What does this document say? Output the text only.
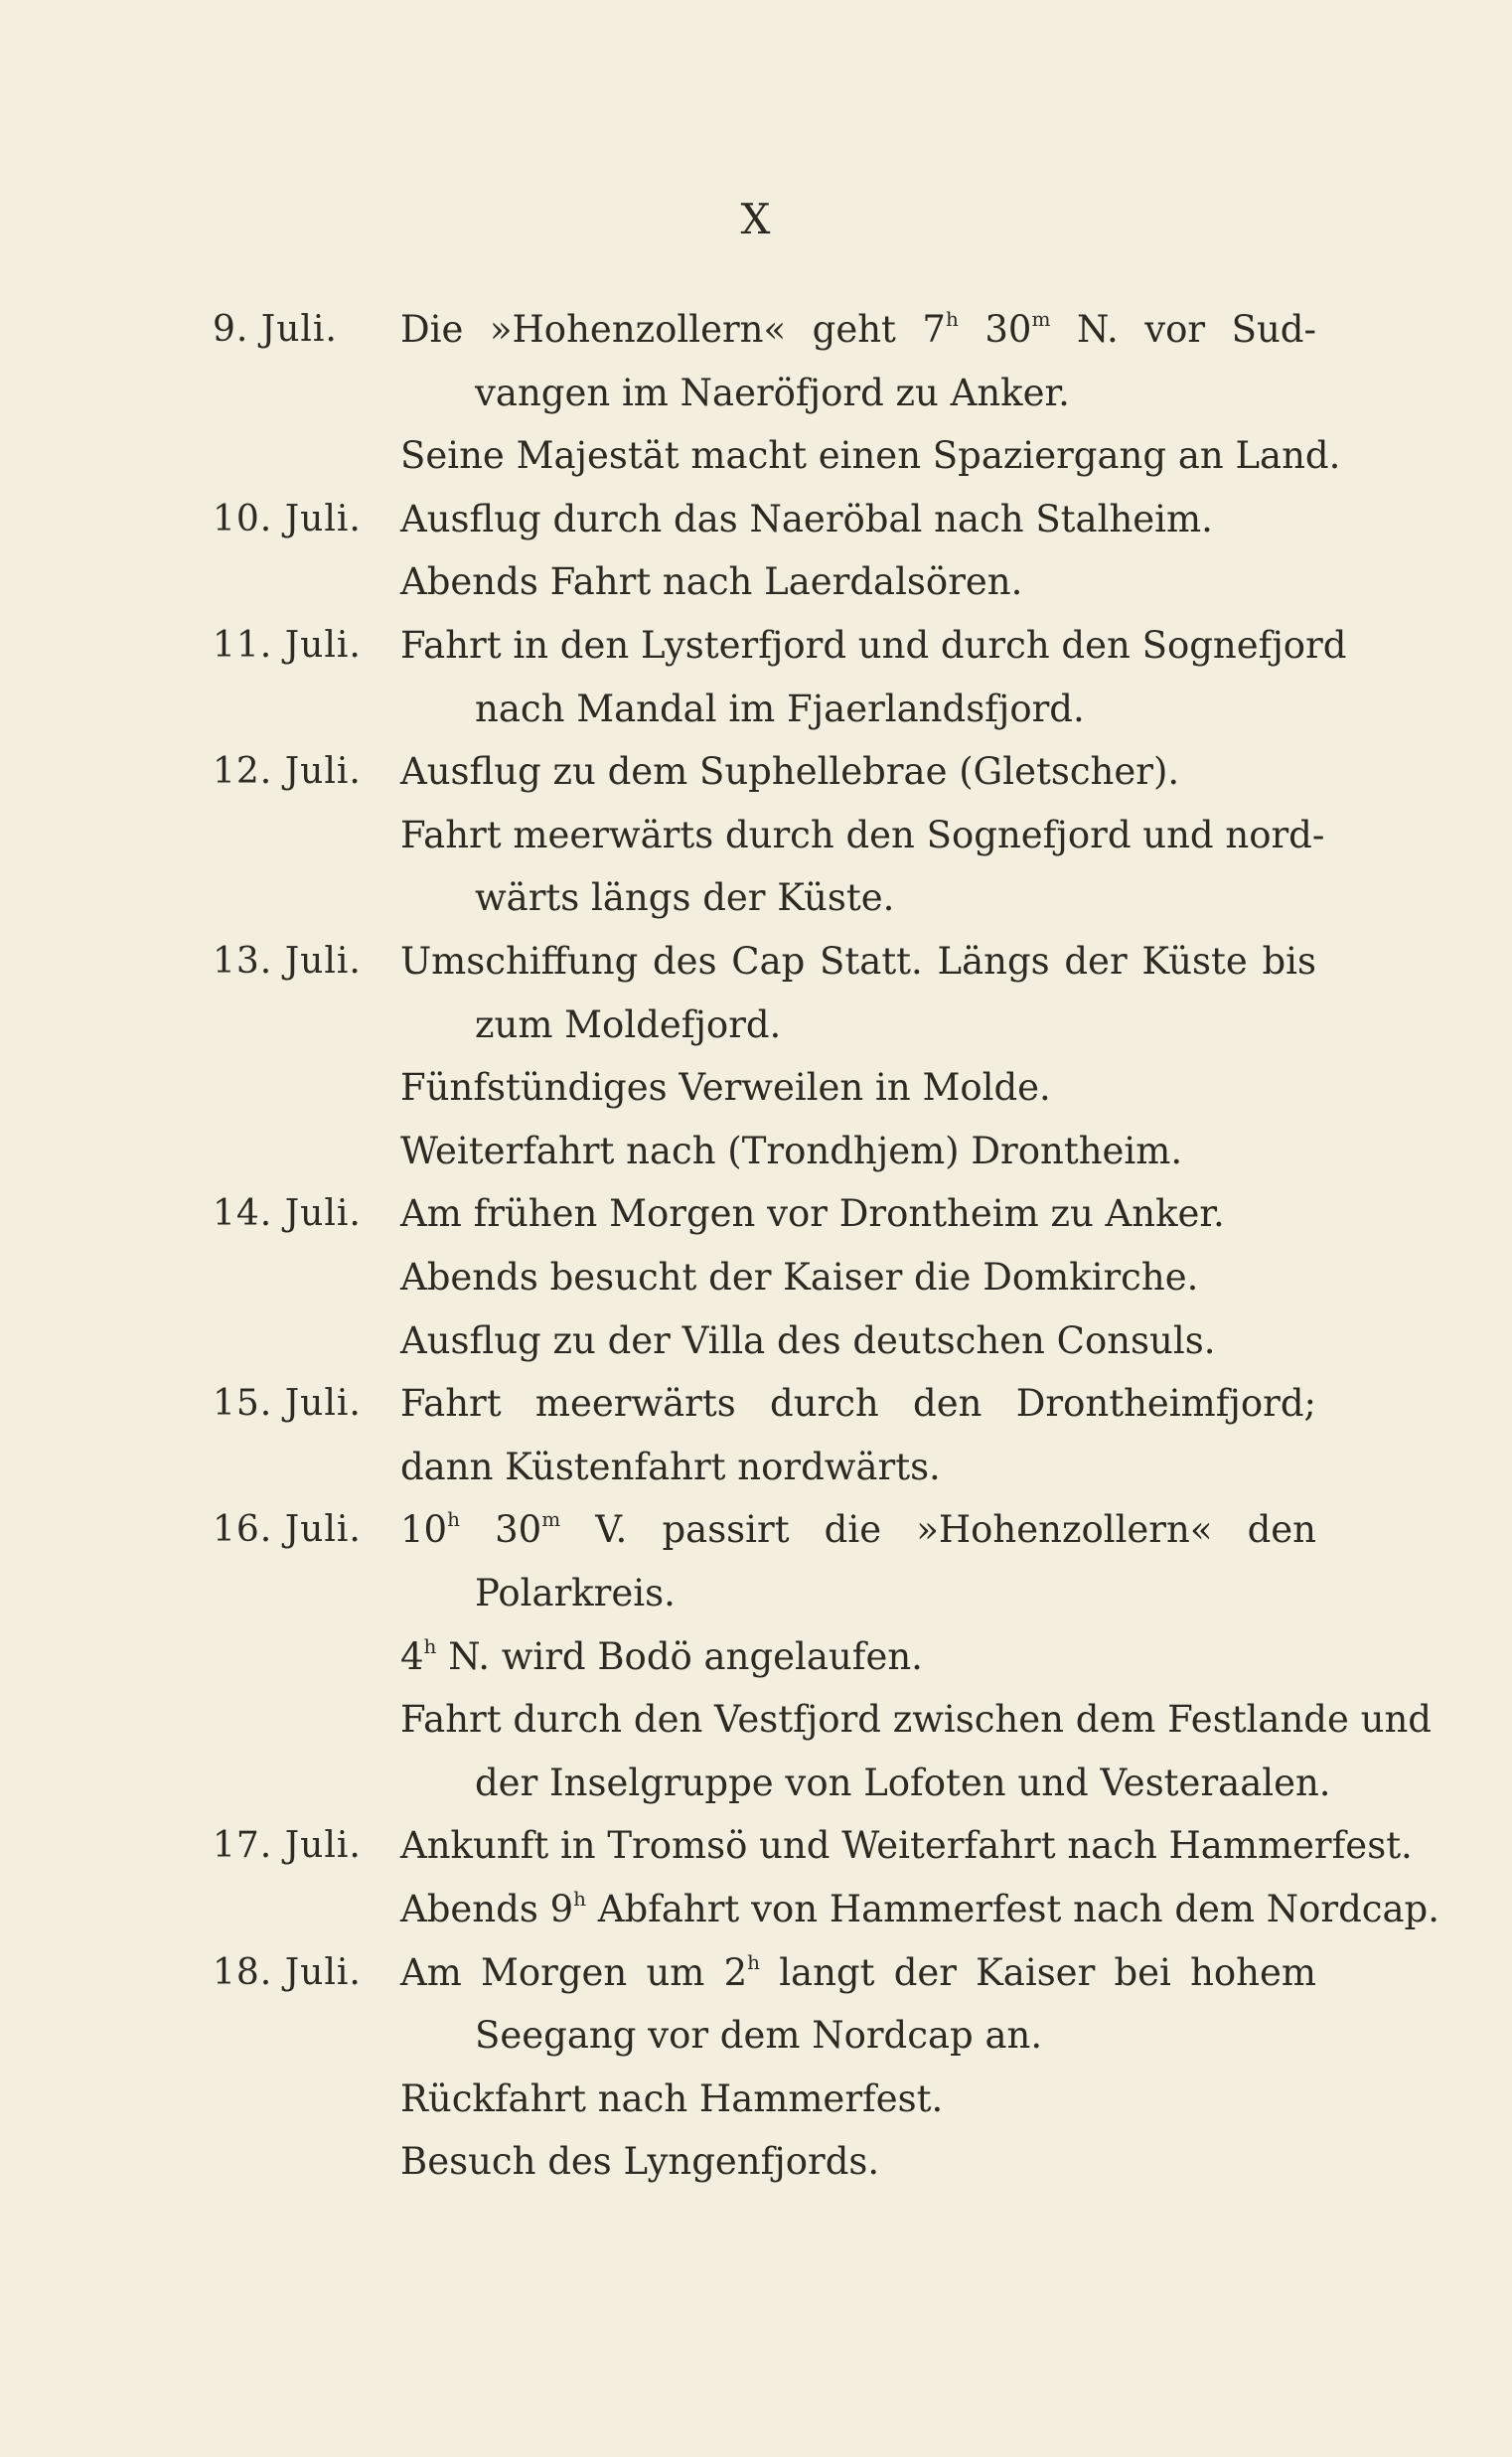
X
9. Juli.	Die »Hohenzollern« geht 7$^h$ 30$^m$ N. vor Sud-
vangen im Naeröfjord zu Anker.
Seine Majestät macht einen Spaziergang an Land.
10. Juli. Ausflug durch das Naeröbal nach Stalheim.
Abends Fahrt nach Laerdalsören.
11. Juli. Fahrt in den Lysterfjord und durch den Sognefjord
nach Mandal im Fjaerlandsfjord.
12. Juli. Ausflug zu dem Suphellebrae (Gletscher).
Fahrt meerwärts durch den Sognefjord und nord-
wärts längs der Küste.
13. Juli. Umschiffung des Cap Statt. Längs der Küste bis
zum Moldefjord.
Fünfstündiges Verweilen in Molde.
Weiterfahrt nach (Trondhjem) Drontheim.
14. Juli. Am frühen Morgen vor Drontheim zu Anker.
Abends besucht der Kaiser die Domkirche.
Ausflug zu der Villa des deutschen Consuls.
15. Juli. Fahrt meerwärts durch den Drontheimfjord;
dann Küstenfahrt nordwärts.
16. Juli. 10$^h$ 30$^m$ V. passirt die »Hohenzollern« den
Polarkreis.
4$^h$ N. wird Bodö angelaufen.
Fahrt durch den Vestfjord zwischen dem Festlande und
der Inselgruppe von Lofoten und Vesteraalen.
17. Juli. Ankunft in Tromsö und Weiterfahrt nach Hammerfest.
Abends 9$^h$ Abfahrt von Hammerfest nach dem Nordcap.
18. Juli. Am Morgen um 2$^h$ langt der Kaiser bei hohem
Seegang vor dem Nordcap an.
Rückfahrt nach Hammerfest.
Besuch des Lyngenfjords.
